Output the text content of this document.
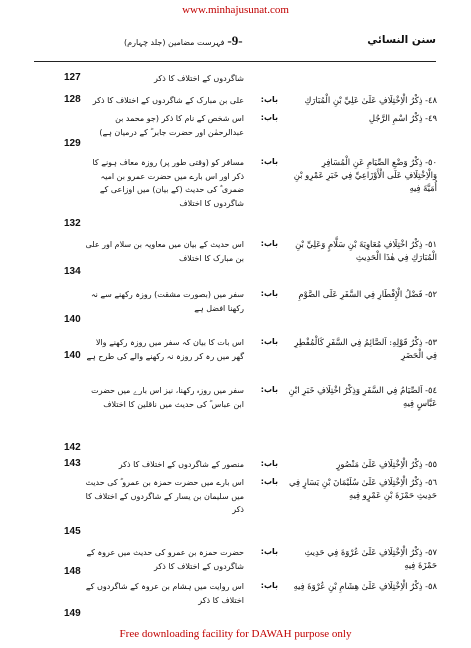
www.minhajusunat.com
-9-
فہرست مضامین (جلد چہارم)	سنن النسائي
شاگردوں کے اختلاف کا ذکر
127
٤٨- ذِكْرُ الْاِخْتِلَافِ عَلَىٰ عَلِيِّ بْنِ الْمُبَارَكِ
باب:
علی بن مبارک کے شاگردوں کے اختلاف کا ذکر
128
٤٩- ذِكْرُ اسْمِ الرَّجُلِ
باب:
اس شخص کے نام کا ذکر (جو محمد بن عبدالرحمٰن اور حضرت جابر ؓ کے درمیان ہے)
129
٥٠- ذِكْرُ وَضْعِ الصِّيَامِ عَنِ الْمُسَافِرِ وَالْاِخْتِلَافِ عَلَى الْأَوْزَاعِيِّ فِي خَبَرِ عَمْرِو بْنِ أُمَيَّةَ فِيهِ
باب:
مسافر کو (وقتی طور پر) روزہ معاف ہونے کا ذکر اور اس بارے میں حضرت عمرو بن امیہ ضمری ؓ کی حدیث (کے بیان) میں اوزاعی کے شاگردوں کا اختلاف
132
٥١- ذِكْرُ اخْتِلَافِ مُعَاوِيَةَ بْنِ سَلَّامٍ وَعَلِيِّ بْنِ الْمُبَارَكِ فِي هٰذَا الْحَدِيثِ
باب:
اس حدیث کے بیان میں معاویہ بن سلام اور علی بن مبارک کا اختلاف
134
٥٢- فَضْلُ الْإِفْطَارِ فِي السَّفَرِ عَلَى الصَّوْمِ
باب:
سفر میں (بصورت مشقت) روزہ رکھنے سے نہ رکھنا افضل ہے
140
٥٣- ذِكْرُ قَوْلِهِ: اَلصَّائِمُ فِي السَّفَرِ كَالْمُفْطِرِ فِي الْحَضَرِ
باب:
اس بات کا بیان کہ سفر میں روزہ رکھنے والا گھر میں رہ کر روزہ نہ رکھنے والے کی طرح ہے
140
٥٤- اَلصِّيَامُ فِي السَّفَرِ وَذِكْرُ اخْتِلَافِ خَبَرِ ابْنِ عَبَّاسٍ فِيهِ
باب:
سفر میں روزہ رکھنا، نیز اس بارے میں حضرت ابن عباس ؓ کی حدیث میں ناقلین کا اختلاف
142
٥٥- ذِكْرُ الْاِخْتِلَافِ عَلَىٰ مَنْصُورٍ
باب:
منصور کے شاگردوں کے اختلاف کا ذکر
143
٥٦- ذِكْرُ الْاِخْتِلَافِ عَلَىٰ سُلَيْمَانَ بْنِ يَسَارٍ فِي حَدِيثِ حَمْزَةَ بْنِ عَمْرٍو فِيهِ
باب:
اس بارے میں حضرت حمزہ بن عمرو ؓ کی حدیث میں سلیمان بن یسار کے شاگردوں کے اختلاف کا ذکر
145
٥٧- ذِكْرُ الْاِخْتِلَافِ عَلَىٰ عُرْوَةَ فِي حَدِيثِ حَمْزَةَ فِيهِ
باب:
حضرت حمزہ بن عمرو کی حدیث میں عروہ کے شاگردوں کے اختلاف کا ذکر
148
٥٨- ذِكْرُ الْاِخْتِلَافِ عَلَىٰ هِشَامِ بْنِ عُرْوَةَ فِيهِ
باب:
اس روایت میں ہشام بن عروہ کے شاگردوں کے اختلاف کا ذکر
149
Free downloading facility for DAWAH purpose only
